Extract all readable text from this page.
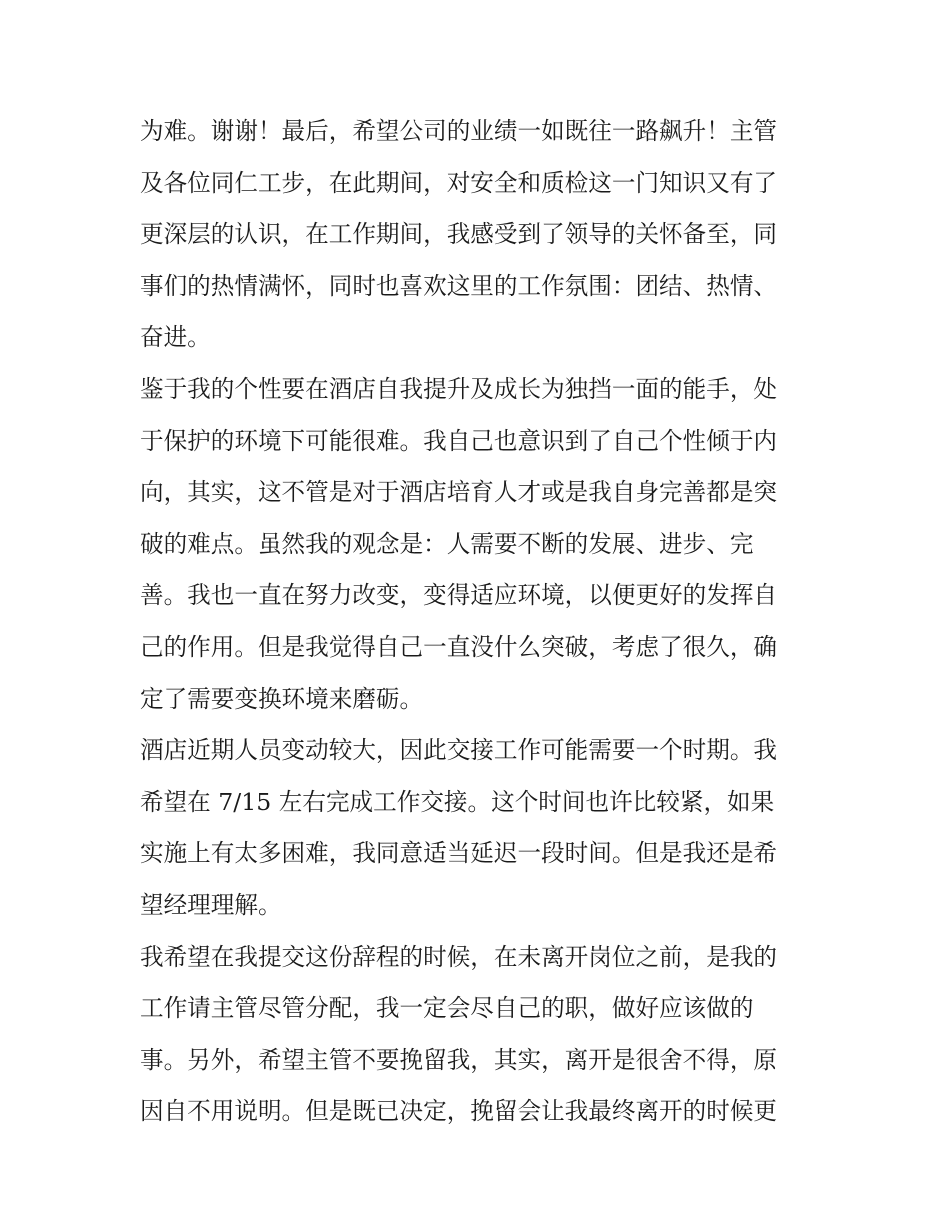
为难。谢谢！最后，希望公司的业绩一如既往一路飙升！主管
及各位同仁工步，在此期间，对安全和质检这一门知识又有了
更深层的认识，在工作期间，我感受到了领导的关怀备至，同
事们的热情满怀，同时也喜欢这里的工作氛围：团结、热情、
奋进。
鉴于我的个性要在酒店自我提升及成长为独挡一面的能手，处
于保护的环境下可能很难。我自己也意识到了自己个性倾于内
向，其实，这不管是对于酒店培育人才或是我自身完善都是突
破的难点。虽然我的观念是：人需要不断的发展、进步、完
善。我也一直在努力改变，变得适应环境，以便更好的发挥自
己的作用。但是我觉得自己一直没什么突破，考虑了很久，确
定了需要变换环境来磨砺。
酒店近期人员变动较大，因此交接工作可能需要一个时期。我
希望在 7/15 左右完成工作交接。这个时间也许比较紧，如果
实施上有太多困难，我同意适当延迟一段时间。但是我还是希
望经理理解。
我希望在我提交这份辞程的时候，在未离开岗位之前，是我的
工作请主管尽管分配，我一定会尽自己的职，做好应该做的
事。另外，希望主管不要挽留我，其实，离开是很舍不得，原
因自不用说明。但是既已决定，挽留会让我最终离开的时候更
